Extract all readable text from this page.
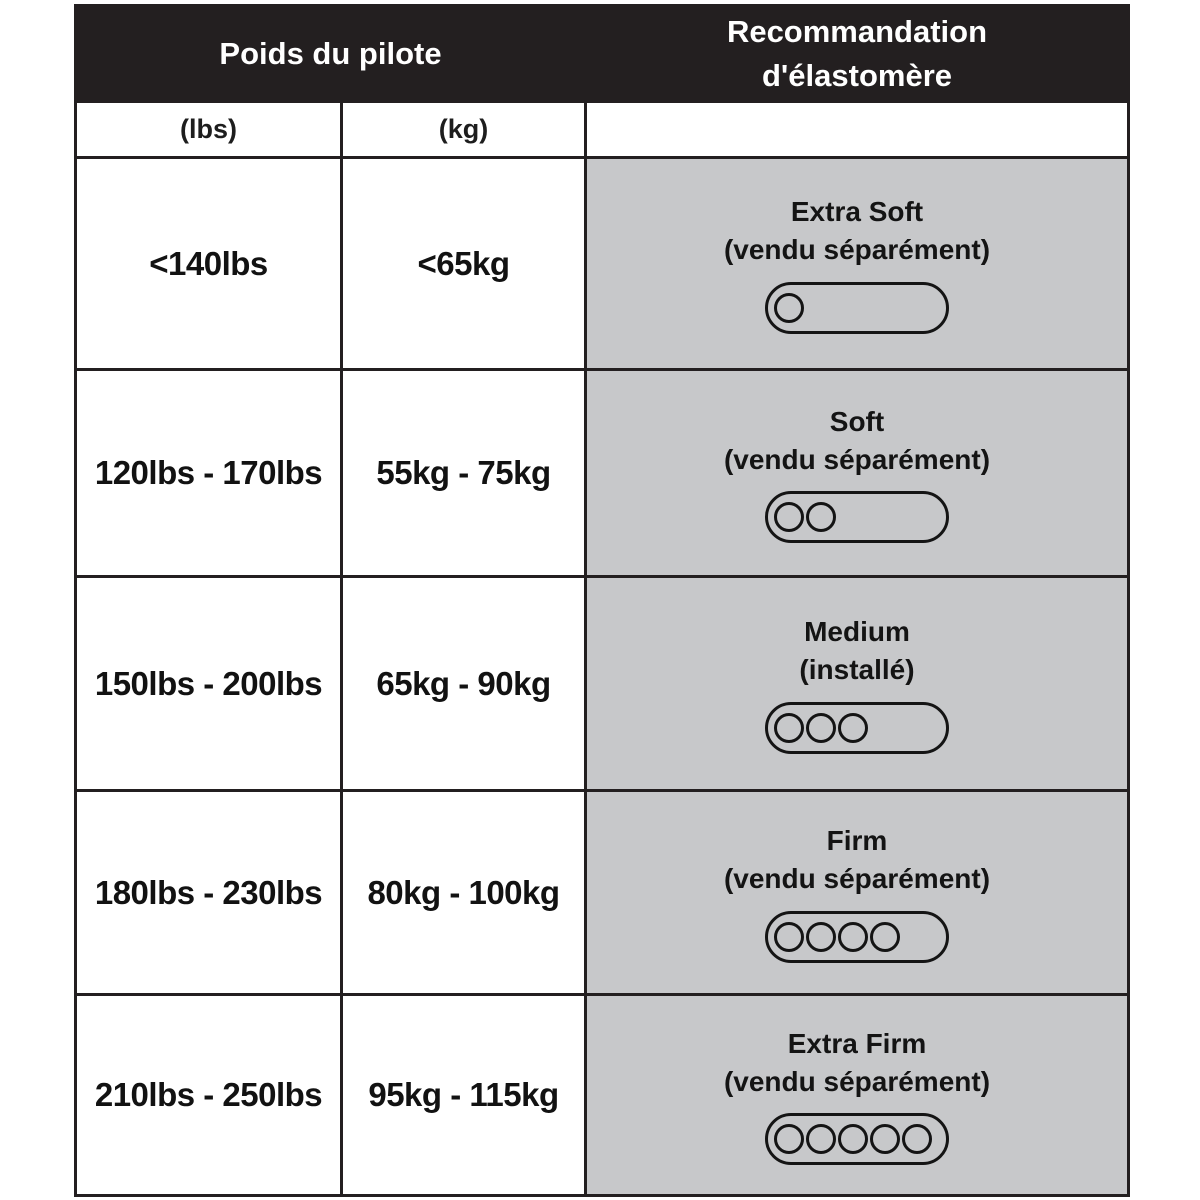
Poids du pilote
Recommandation
d'élastomère
(lbs)	(kg)
<140lbs	<65kg
Extra Soft
(vendu séparément)
120lbs - 170lbs 55kg - 75kg
Soft
(vendu séparément)
150lbs - 200lbs 65kg - 90kg
Medium
(installé)
180lbs - 230lbs 80kg - 100kg
Firm
(vendu séparément)
210lbs - 250lbs 95kg - 115kg
Extra Firm
(vendu séparément)
